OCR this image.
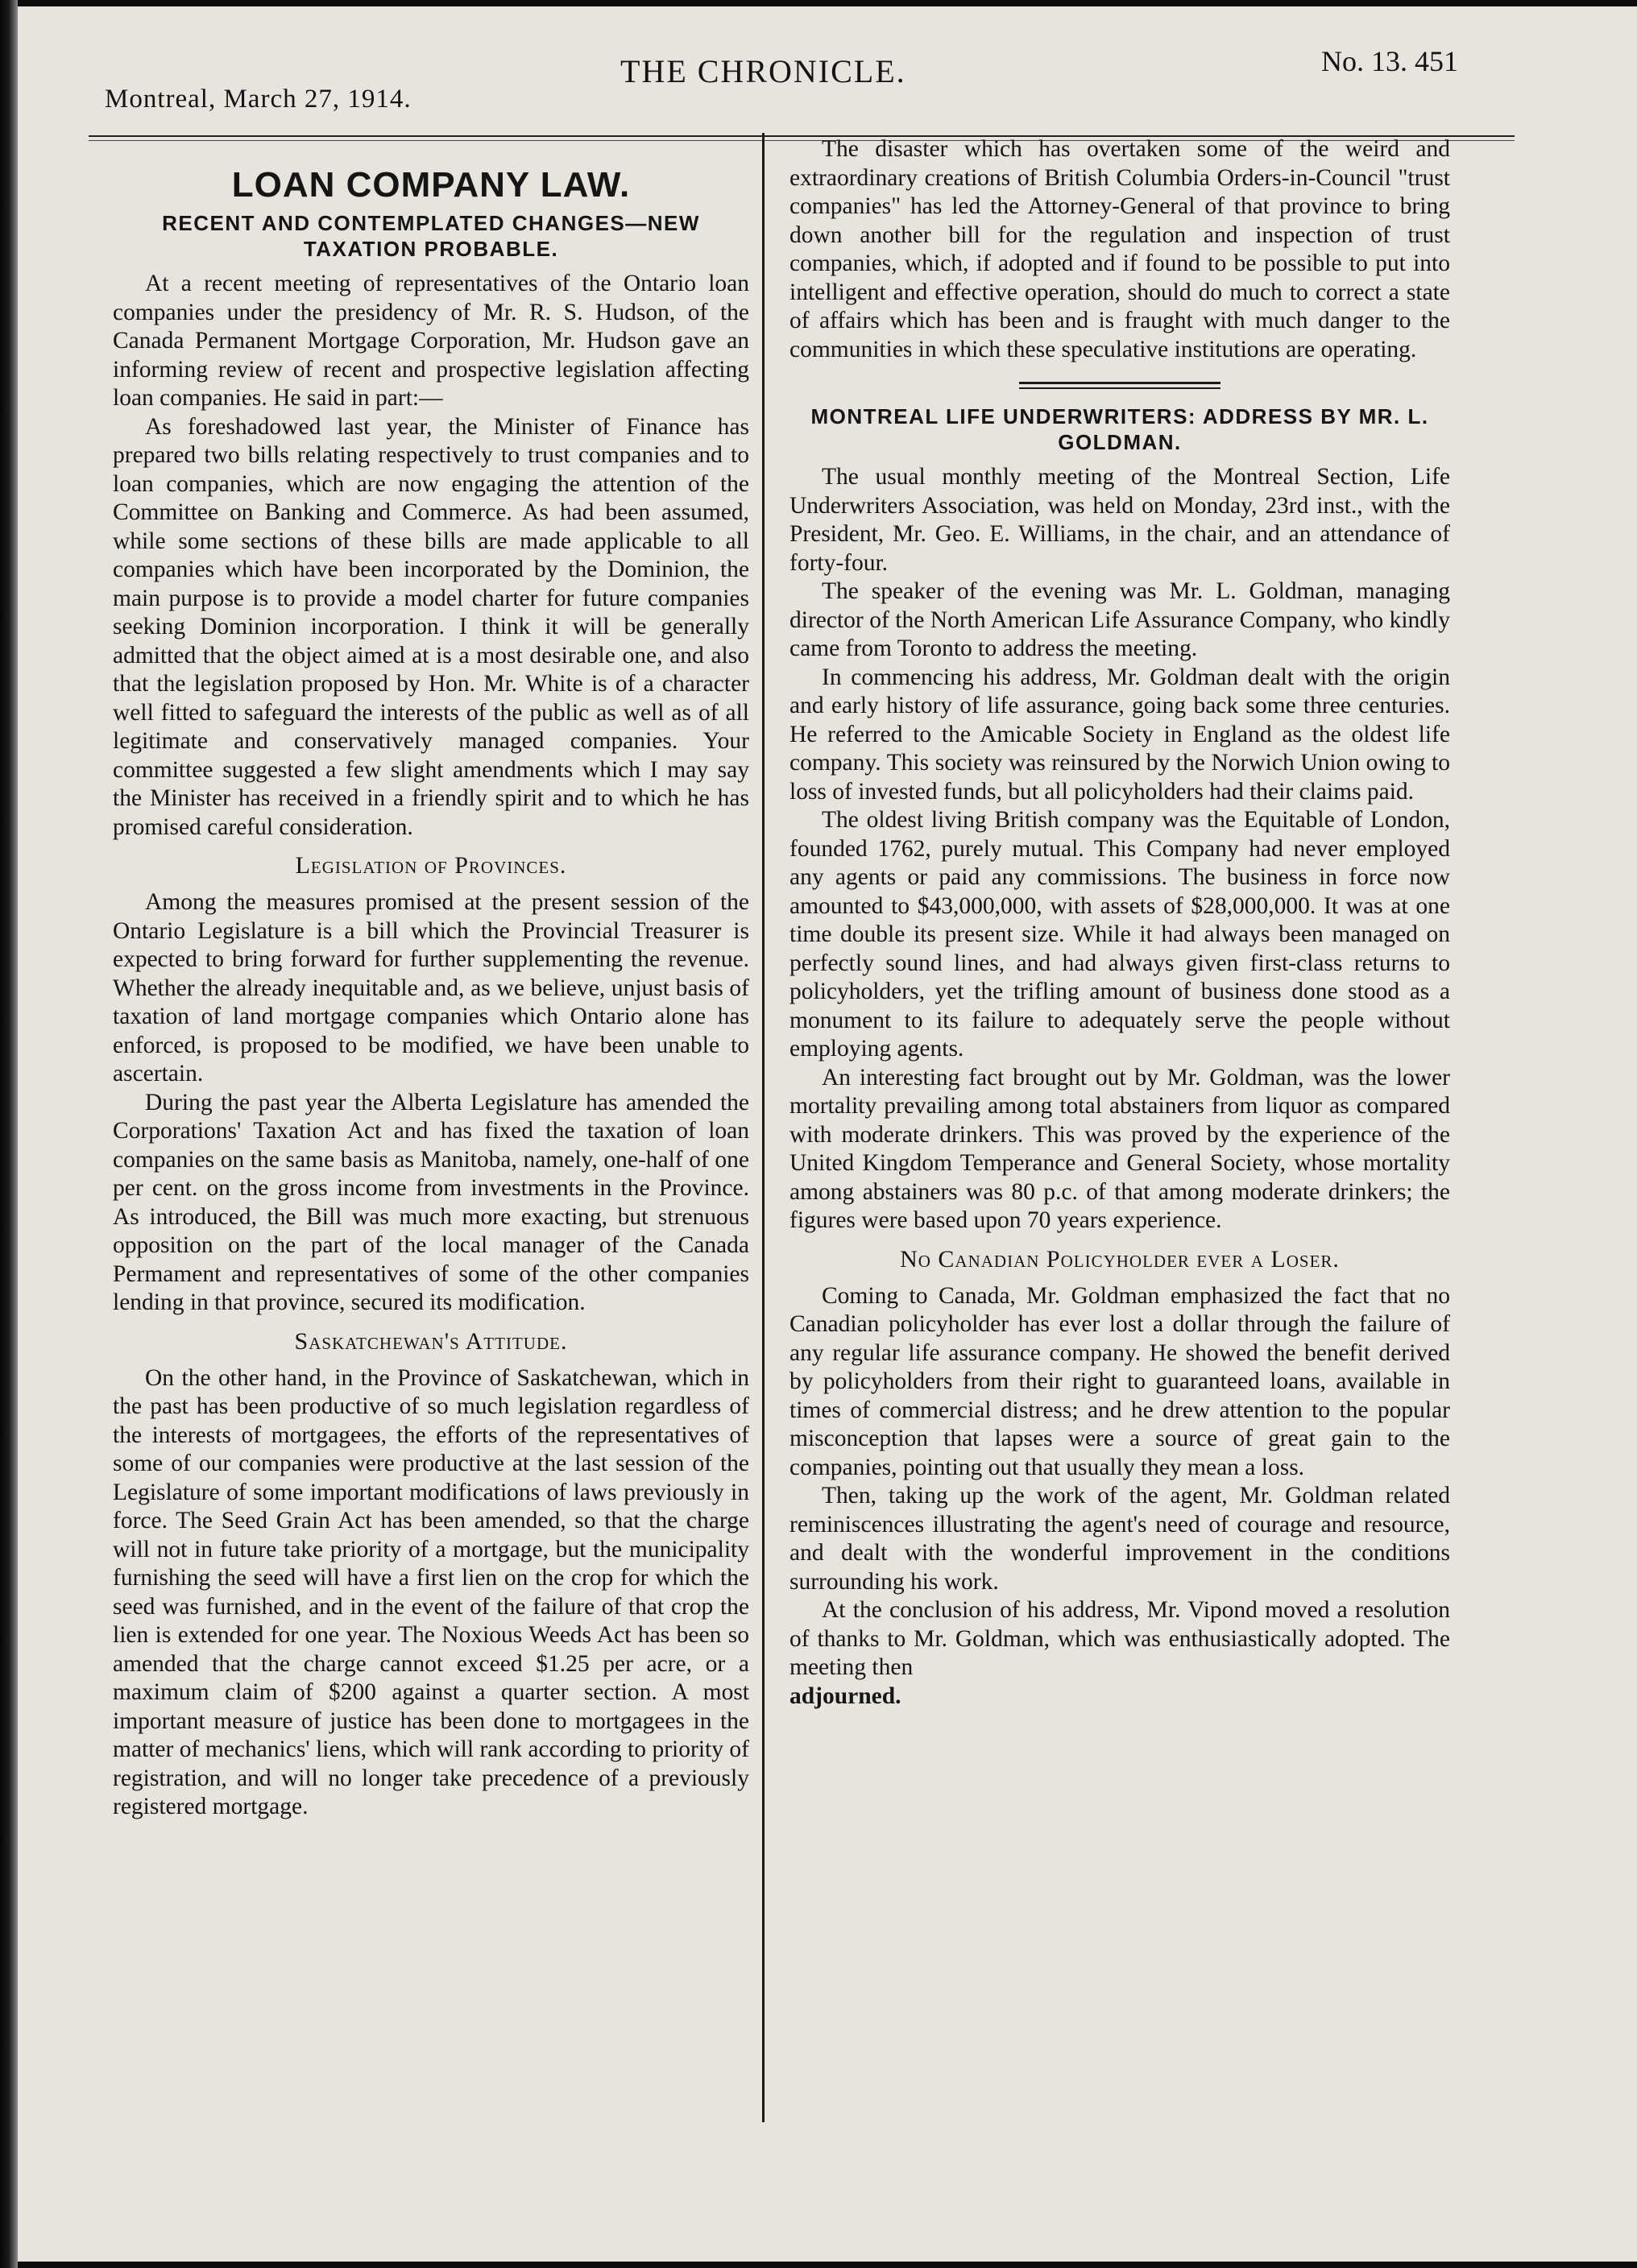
Montreal, March 27, 1914.
THE CHRONICLE.	No. 13. 451
LOAN COMPANY LAW.
RECENT AND CONTEMPLATED CHANGES—NEW TAXATION PROBABLE.

At a recent meeting of representatives of the Ontario loan companies under the presidency of Mr. R. S. Hudson, of the Canada Permanent Mortgage Corporation, Mr. Hudson gave an informing review of recent and prospective legislation affecting loan companies. He said in part:—

As foreshadowed last year, the Minister of Finance has prepared two bills relating respectively to trust companies and to loan companies, which are now engaging the attention of the Committee on Banking and Commerce. As had been assumed, while some sections of these bills are made applicable to all companies which have been incorporated by the Dominion, the main purpose is to provide a model charter for future companies seeking Dominion incorporation. I think it will be generally admitted that the object aimed at is a most desirable one, and also that the legislation proposed by Hon. Mr. White is of a character well fitted to safeguard the interests of the public as well as of all legitimate and conservatively managed companies. Your committee suggested a few slight amendments which I may say the Minister has received in a friendly spirit and to which he has promised careful consideration.

Legislation of Provinces.

Among the measures promised at the present session of the Ontario Legislature is a bill which the Provincial Treasurer is expected to bring forward for further supplementing the revenue. Whether the already inequitable and, as we believe, unjust basis of taxation of land mortgage companies which Ontario alone has enforced, is proposed to be modified, we have been unable to ascertain.

During the past year the Alberta Legislature has amended the Corporations' Taxation Act and has fixed the taxation of loan companies on the same basis as Manitoba, namely, one-half of one per cent. on the gross income from investments in the Province. As introduced, the Bill was much more exacting, but strenuous opposition on the part of the local manager of the Canada Permament and representatives of some of the other companies lending in that province, secured its modification.

Saskatchewan's Attitude.

On the other hand, in the Province of Saskatchewan, which in the past has been productive of so much legislation regardless of the interests of mortgagees, the efforts of the representatives of some of our companies were productive at the last session of the Legislature of some important modifications of laws previously in force. The Seed Grain Act has been amended, so that the charge will not in future take priority of a mortgage, but the municipality furnishing the seed will have a first lien on the crop for which the seed was furnished, and in the event of the failure of that crop the lien is extended for one year. The Noxious Weeds Act has been so amended that the charge cannot exceed $1.25 per acre, or a maximum claim of $200 against a quarter section. A most important measure of justice has been done to mortgagees in the matter of mechanics' liens, which will rank according to priority of registration, and will no longer take precedence of a previously registered mortgage.

The disaster which has overtaken some of the weird and extraordinary creations of British Columbia Orders-in-Council "trust companies" has led the Attorney-General of that province to bring down another bill for the regulation and inspection of trust companies, which, if adopted and if found to be possible to put into intelligent and effective operation, should do much to correct a state of affairs which has been and is fraught with much danger to the communities in which these speculative institutions are operating.

MONTREAL LIFE UNDERWRITERS: ADDRESS BY MR. L. GOLDMAN.

The usual monthly meeting of the Montreal Section, Life Underwriters Association, was held on Monday, 23rd inst., with the President, Mr. Geo. E. Williams, in the chair, and an attendance of forty-four.

The speaker of the evening was Mr. L. Goldman, managing director of the North American Life Assurance Company, who kindly came from Toronto to address the meeting.

In commencing his address, Mr. Goldman dealt with the origin and early history of life assurance, going back some three centuries. He referred to the Amicable Society in England as the oldest life company. This society was reinsured by the Norwich Union owing to loss of invested funds, but all policyholders had their claims paid.

The oldest living British company was the Equitable of London, founded 1762, purely mutual. This Company had never employed any agents or paid any commissions. The business in force now amounted to $43,000,000, with assets of $28,000,000. It was at one time double its present size. While it had always been managed on perfectly sound lines, and had always given first-class returns to policyholders, yet the trifling amount of business done stood as a monument to its failure to adequately serve the people without employing agents.

An interesting fact brought out by Mr. Goldman, was the lower mortality prevailing among total abstainers from liquor as compared with moderate drinkers. This was proved by the experience of the United Kingdom Temperance and General Society, whose mortality among abstainers was 80 p.c. of that among moderate drinkers; the figures were based upon 70 years experience.

No Canadian Policyholder ever a Loser.

Coming to Canada, Mr. Goldman emphasized the fact that no Canadian policyholder has ever lost a dollar through the failure of any regular life assurance company. He showed the benefit derived by policyholders from their right to guaranteed loans, available in times of commercial distress; and he drew attention to the popular misconception that lapses were a source of great gain to the companies, pointing out that usually they mean a loss.

Then, taking up the work of the agent, Mr. Goldman related reminiscences illustrating the agent's need of courage and resource, and dealt with the wonderful improvement in the conditions surrounding his work.

At the conclusion of his address, Mr. Vipond moved a resolution of thanks to Mr. Goldman, which was enthusiastically adopted. The meeting then

adjourned.
